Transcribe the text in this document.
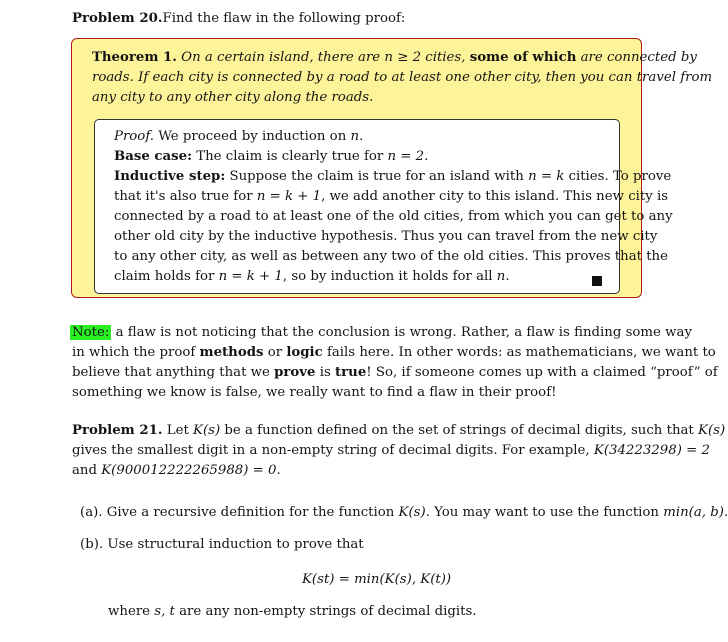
Problem 20.Find the flaw in the following proof:
Theorem 1. On a certain island, there are n ≥ 2 cities, some of which are connected by
roads. If each city is connected by a road to at least one other city, then you can travel from
any city to any other city along the roads.
Proof. We proceed by induction on n.
Base case: The claim is clearly true for n = 2.
Inductive step: Suppose the claim is true for an island with n = k cities. To prove
that it's also true for n = k + 1, we add another city to this island. This new city is
connected by a road to at least one of the old cities, from which you can get to any
other old city by the inductive hypothesis. Thus you can travel from the new city
to any other city, as well as between any two of the old cities. This proves that the
claim holds for n = k + 1, so by induction it holds for all n.
Note: a flaw is not noticing that the conclusion is wrong. Rather, a flaw is finding some way
in which the proof methods or logic fails here. In other words: as mathematicians, we want to
believe that anything that we prove is true! So, if someone comes up with a claimed “proof” of
something we know is false, we really want to find a flaw in their proof!
Problem 21. Let K(s) be a function defined on the set of strings of decimal digits, such that K(s)
gives the smallest digit in a non-empty string of decimal digits. For example, K(34223298) = 2
and K(900012222265988) = 0.
(a). Give a recursive definition for the function K(s). You may want to use the function min(a, b).
(b). Use structural induction to prove that
K(st) = min(K(s), K(t))
where s, t are any non-empty strings of decimal digits.
